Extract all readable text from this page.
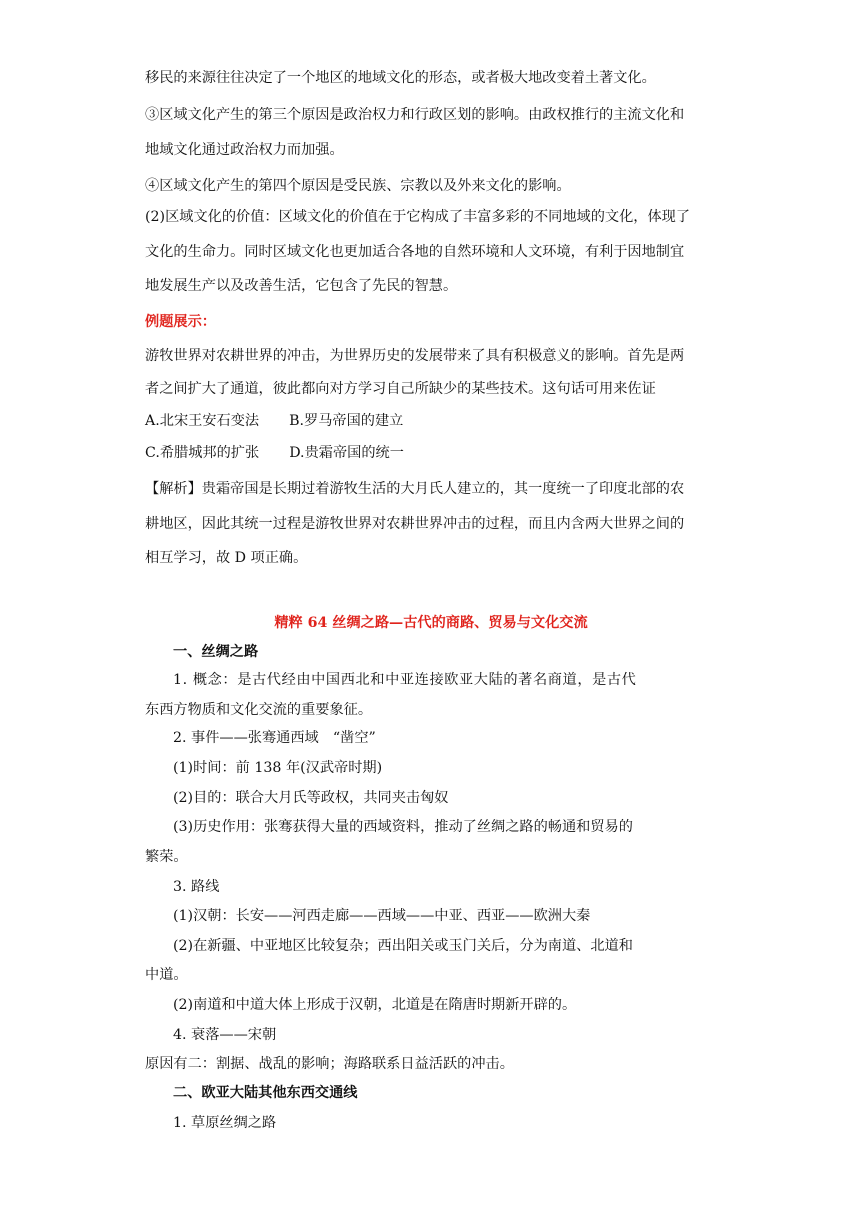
移民的来源往往决定了一个地区的地域文化的形态，或者极大地改变着土著文化。

③区域文化产生的第三个原因是政治权力和行政区划的影响。由政权推行的主流文化和

地域文化通过政治权力而加强。

④区域文化产生的第四个原因是受民族、宗教以及外来文化的影响。

(2)区域文化的价值：区域文化的价值在于它构成了丰富多彩的不同地域的文化，体现了

文化的生命力。同时区域文化也更加适合各地的自然环境和人文环境，有利于因地制宜

地发展生产以及改善生活，它包含了先民的智慧。

例题展示：

游牧世界对农耕世界的冲击，为世界历史的发展带来了具有积极意义的影响。首先是两

者之间扩大了通道，彼此都向对方学习自己所缺少的某些技术。这句话可用来佐证

A.北宋王安石变法 B.罗马帝国的建立

C.希腊城邦的扩张 D.贵霜帝国的统一

【解析】贵霜帝国是长期过着游牧生活的大月氏人建立的，其一度统一了印度北部的农

耕地区，因此其统一过程是游牧世界对农耕世界冲击的过程，而且内含两大世界之间的

相互学习，故 D 项正确。

精粹 64 丝绸之路—古代的商路、贸易与文化交流

一、丝绸之路

1. 概念：是古代经由中国西北和中亚连接欧亚大陆的著名商道，是古代

东西方物质和文化交流的重要象征。

2. 事件——张骞通西域　“凿空”

(1)时间：前 138 年(汉武帝时期)

(2)目的：联合大月氏等政权，共同夹击匈奴

(3)历史作用：张骞获得大量的西域资料，推动了丝绸之路的畅通和贸易的

繁荣。

3. 路线

(1)汉朝：长安——河西走廊——西域——中亚、西亚——欧洲大秦

(2)在新疆、中亚地区比较复杂；西出阳关或玉门关后，分为南道、北道和

中道。

(2)南道和中道大体上形成于汉朝，北道是在隋唐时期新开辟的。

4. 衰落——宋朝

原因有二：割据、战乱的影响；海路联系日益活跃的冲击。

二、欧亚大陆其他东西交通线

1. 草原丝绸之路
